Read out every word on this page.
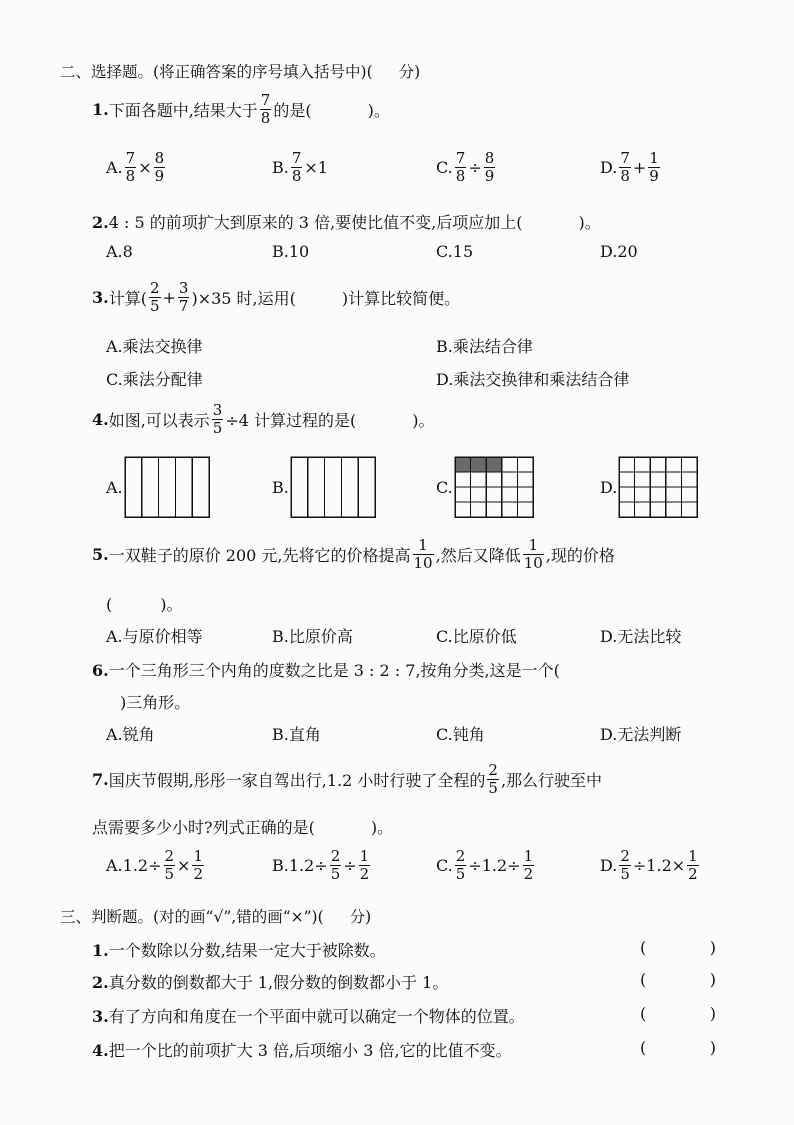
二、选择题。(将正确答案的序号填入括号中)( 分)
1. 下面各题中,结果大于 $\frac{7}{8}$ 的是(	)。
A. $\frac{7}{8} \times \frac{8}{9}$	B. $\frac{7}{8} \times 1$	C. $\frac{7}{8} \div \frac{8}{9}$	D. $\frac{7}{8} + \frac{1}{9}$
2.4 : 5 的前项扩大到原来的 3 倍,要使比值不变,后项应加上(	)。
A.8	B.10	C.15	D.20
3. 计算( $\frac{2}{5} + \frac{3}{7} )\times 35$ 时,运用(	)计算比较简便。
A.乘法交换律	B.乘法结合律
C.乘法分配律	D.乘法交换律和乘法结合律
4. 如图,可以表示 $\frac{3}{5} \div 4$ 计算过程的是(	)。
A.	B.	C.	D.
5. 一双鞋子的原价 200 元,先将它的价格提高 $\frac{1}{10}$ ,然后又降低 $\frac{1}{10}$ ,现的价格
(　　　)。
A.与原价相等	B.比原价高	C.比原价低	D.无法比较
6.一个三角形三个内角的度数之比是 3 : 2 : 7,按角分类,这是一个(
)三角形。
A.锐角	B.直角	C.钝角	D.无法判断
7. 国庆节假期,彤彤一家自驾出行,1.2 小时行驶了全程的 $\frac{2}{5}$ ,那么行驶至中
点需要多少小时?列式正确的是(	)。
A. $1.2\div \frac{2}{5} \times \frac{1}{2}$	B. $1.2\div \frac{2}{5} \div \frac{1}{2}$	C. $\frac{2}{5} \div 1.2\div \frac{1}{2}$	D. $\frac{2}{5} \div 1.2\times \frac{1}{2}$
三、判断题。(对的画“√”,错的画“×”)( 分)
1.一个数除以分数,结果一定大于被除数。	(	)
2.真分数的倒数都大于 1,假分数的倒数都小于 1。	(	)
3.有了方向和角度在一个平面中就可以确定一个物体的位置。	(	)
4.把一个比的前项扩大 3 倍,后项缩小 3 倍,它的比值不变。	(	)
